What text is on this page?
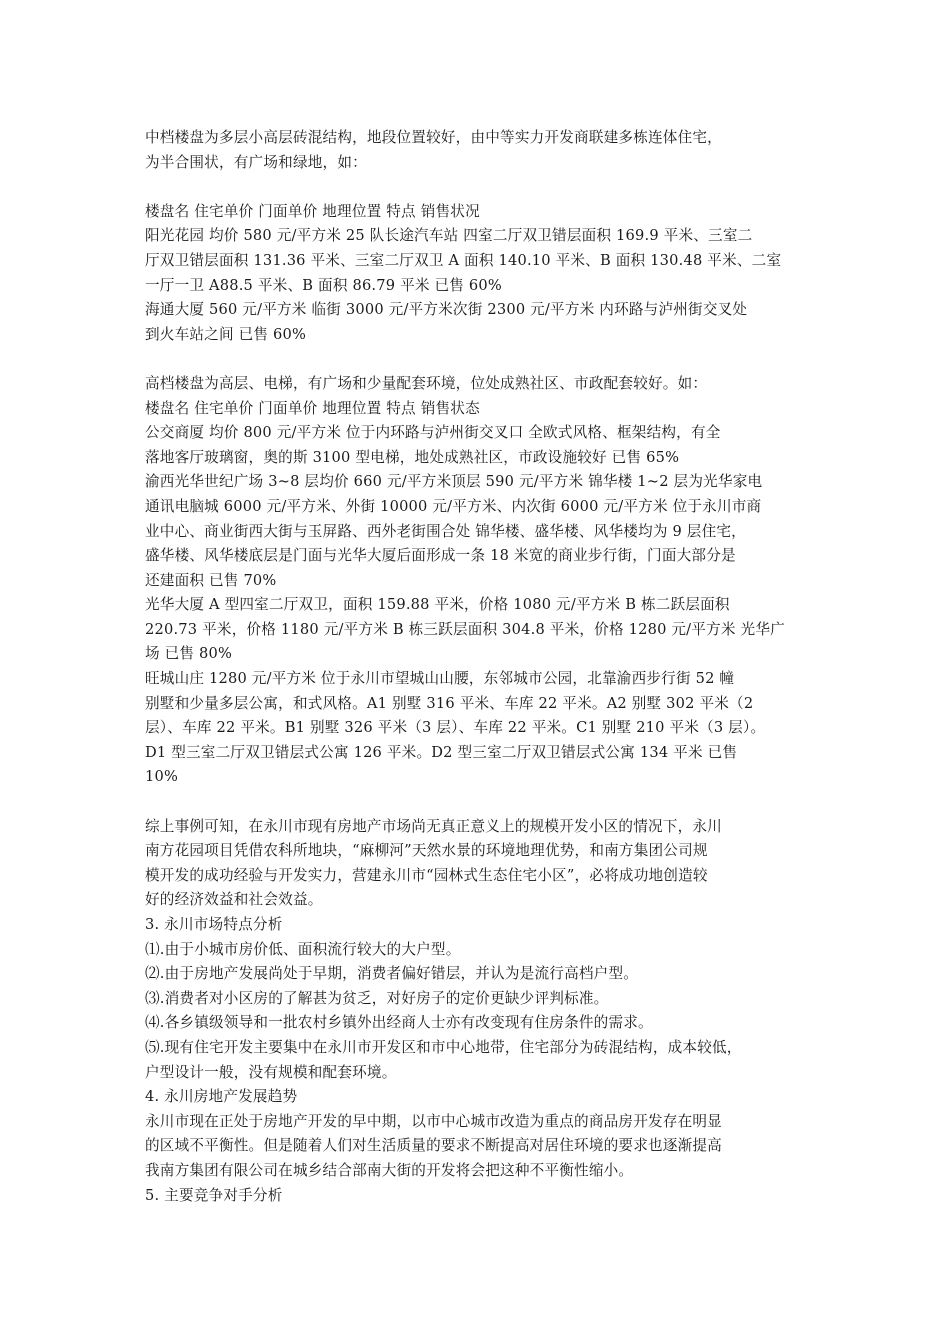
中档楼盘为多层小高层砖混结构，地段位置较好，由中等实力开发商联建多栋连体住宅，
为半合围状，有广场和绿地，如：
楼盘名 住宅单价 门面单价 地理位置 特点 销售状况
阳光花园 均价 580 元/平方米 25 队长途汽车站 四室二厅双卫错层面积 169.9 平米、三室二
厅双卫错层面积 131.36 平米、三室二厅双卫 A 面积 140.10 平米、B 面积 130.48 平米、二室
一厅一卫 A88.5 平米、B 面积 86.79 平米 已售 60%
海通大厦 560 元/平方米 临街 3000 元/平方米次街 2300 元/平方米 内环路与泸州街交叉处
到火车站之间 已售 60%
高档楼盘为高层、电梯，有广场和少量配套环境，位处成熟社区、市政配套较好。如：
楼盘名 住宅单价 门面单价 地理位置 特点 销售状态
公交商厦 均价 800 元/平方米 位于内环路与泸州街交叉口 全欧式风格、框架结构，有全
落地客厅玻璃窗，奥的斯 3100 型电梯，地处成熟社区，市政设施较好 已售 65%
渝西光华世纪广场 3~8 层均价 660 元/平方米顶层 590 元/平方米 锦华楼 1~2 层为光华家电
通讯电脑城 6000 元/平方米、外街 10000 元/平方米、内次街 6000 元/平方米 位于永川市商
业中心、商业街西大街与玉屏路、西外老街围合处 锦华楼、盛华楼、风华楼均为 9 层住宅，
盛华楼、风华楼底层是门面与光华大厦后面形成一条 18 米宽的商业步行街，门面大部分是
还建面积 已售 70%
光华大厦 A 型四室二厅双卫，面积 159.88 平米，价格 1080 元/平方米 B 栋二跃层面积
220.73 平米，价格 1180 元/平方米 B 栋三跃层面积 304.8 平米，价格 1280 元/平方米 光华广
场 已售 80%
旺城山庄 1280 元/平方米 位于永川市望城山山腰，东邻城市公园，北靠渝西步行街 52 幢
别墅和少量多层公寓，和式风格。A1 别墅 316 平米、车库 22 平米。A2 别墅 302 平米（2
层）、车库 22 平米。B1 别墅 326 平米（3 层）、车库 22 平米。C1 别墅 210 平米（3 层）。
D1 型三室二厅双卫错层式公寓 126 平米。D2 型三室二厅双卫错层式公寓 134 平米 已售
10%
综上事例可知，在永川市现有房地产市场尚无真正意义上的规模开发小区的情况下，永川
南方花园项目凭借农科所地块，“麻柳河”天然水景的环境地理优势，和南方集团公司规
模开发的成功经验与开发实力，营建永川市“园林式生态住宅小区”，必将成功地创造较
好的经济效益和社会效益。
3. 永川市场特点分析
⑴.由于小城市房价低、面积流行较大的大户型。
⑵.由于房地产发展尚处于早期，消费者偏好错层，并认为是流行高档户型。
⑶.消费者对小区房的了解甚为贫乏，对好房子的定价更缺少评判标准。
⑷.各乡镇级领导和一批农村乡镇外出经商人士亦有改变现有住房条件的需求。
⑸.现有住宅开发主要集中在永川市开发区和市中心地带，住宅部分为砖混结构，成本较低，
户型设计一般，没有规模和配套环境。
4. 永川房地产发展趋势
永川市现在正处于房地产开发的早中期，以市中心城市改造为重点的商品房开发存在明显
的区域不平衡性。但是随着人们对生活质量的要求不断提高对居住环境的要求也逐渐提高
我南方集团有限公司在城乡结合部南大街的开发将会把这种不平衡性缩小。
5. 主要竞争对手分析
